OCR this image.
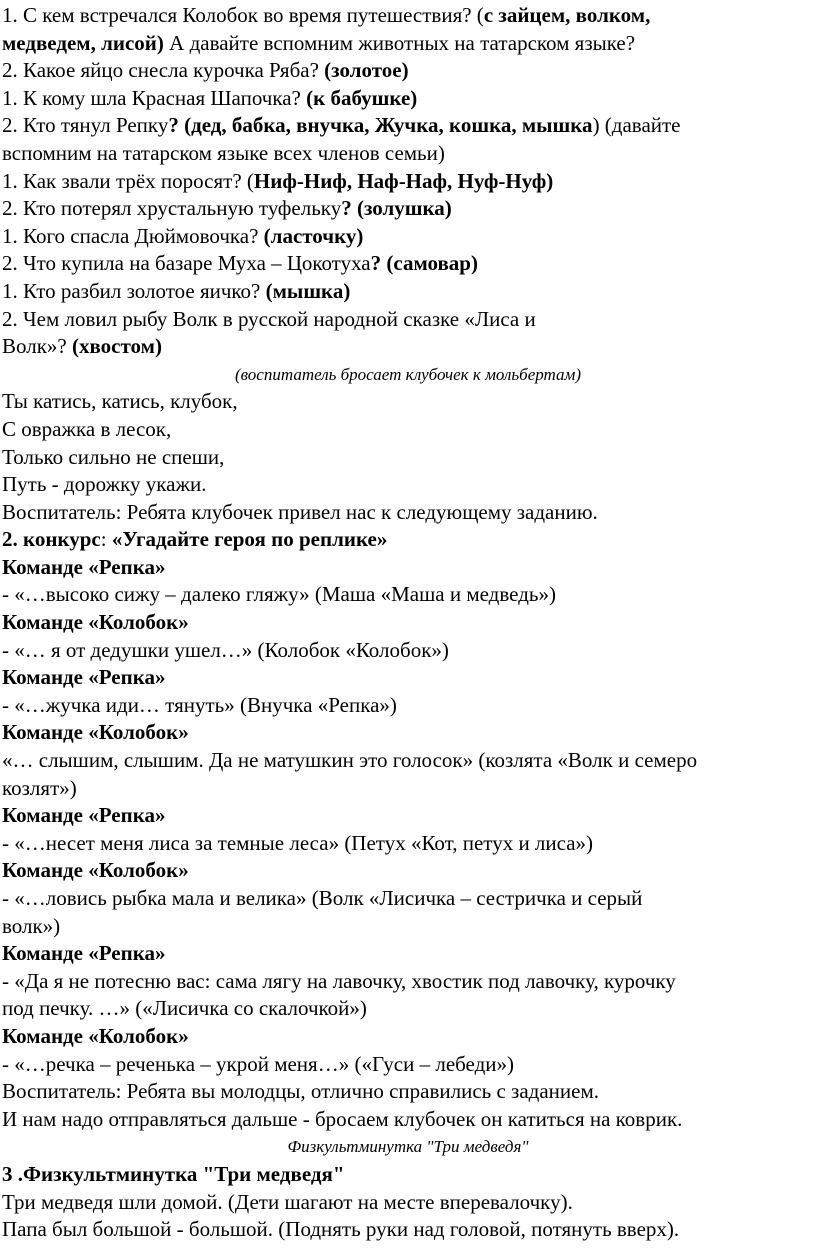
1. С кем встречался Колобок во время путешествия? (с зайцем, волком,
медведем, лисой) А давайте вспомним животных на татарском языке?
2. Какое яйцо снесла курочка Ряба? (золотое)
1. К кому шла Красная Шапочка? (к бабушке)
2. Кто тянул Репку? (дед, бабка, внучка, Жучка, кошка, мышка) (давайте
вспомним на татарском языке всех членов семьи)
1. Как звали трёх поросят? (Ниф-Ниф, Наф-Наф, Нуф-Нуф)
2. Кто потерял хрустальную туфельку? (золушка)
1. Кого спасла Дюймовочка? (ласточку)
2. Что купила на базаре Муха – Цокотуха? (самовар)
1. Кто разбил золотое яичко? (мышка)
2. Чем ловил рыбу Волк в русской народной сказке «Лиса и
Волк»? (хвостом)
(воспитатель бросает клубочек к мольбертам)
Ты катись, катись, клубок,
С овражка в лесок,
Только сильно не спеши,
Путь - дорожку укажи.
Воспитатель: Ребята клубочек привел нас к следующему заданию.
2. конкурс: «Угадайте героя по реплике»
Команде «Репка»
- «…высоко сижу – далеко гляжу» (Маша «Маша и медведь»)
Команде «Колобок»
- «… я от дедушки ушел…» (Колобок «Колобок»)
Команде «Репка»
- «…жучка иди… тянуть» (Внучка «Репка»)
Команде «Колобок»
«… слышим, слышим. Да не матушкин это голосок» (козлята «Волк и семеро
козлят»)
Команде «Репка»
- «…несет меня лиса за темные леса» (Петух «Кот, петух и лиса»)
Команде «Колобок»
- «…ловись рыбка мала и велика» (Волк «Лисичка – сестричка и серый
волк»)
Команде «Репка»
- «Да я не потесню вас: сама лягу на лавочку, хвостик под лавочку, курочку
под печку. …» («Лисичка со скалочкой»)
Команде «Колобок»
- «…речка – реченька – укрой меня…» («Гуси – лебеди»)
Воспитатель: Ребята вы молодцы, отлично справились с заданием.
И нам надо отправляться дальше - бросаем клубочек он катиться на коврик.
Физкультминутка "Три медведя"
3 .Физкультминутка "Три медведя"
Три медведя шли домой. (Дети шагают на месте вперевалочку).
Папа был большой - большой. (Поднять руки над головой, потянуть вверх).
